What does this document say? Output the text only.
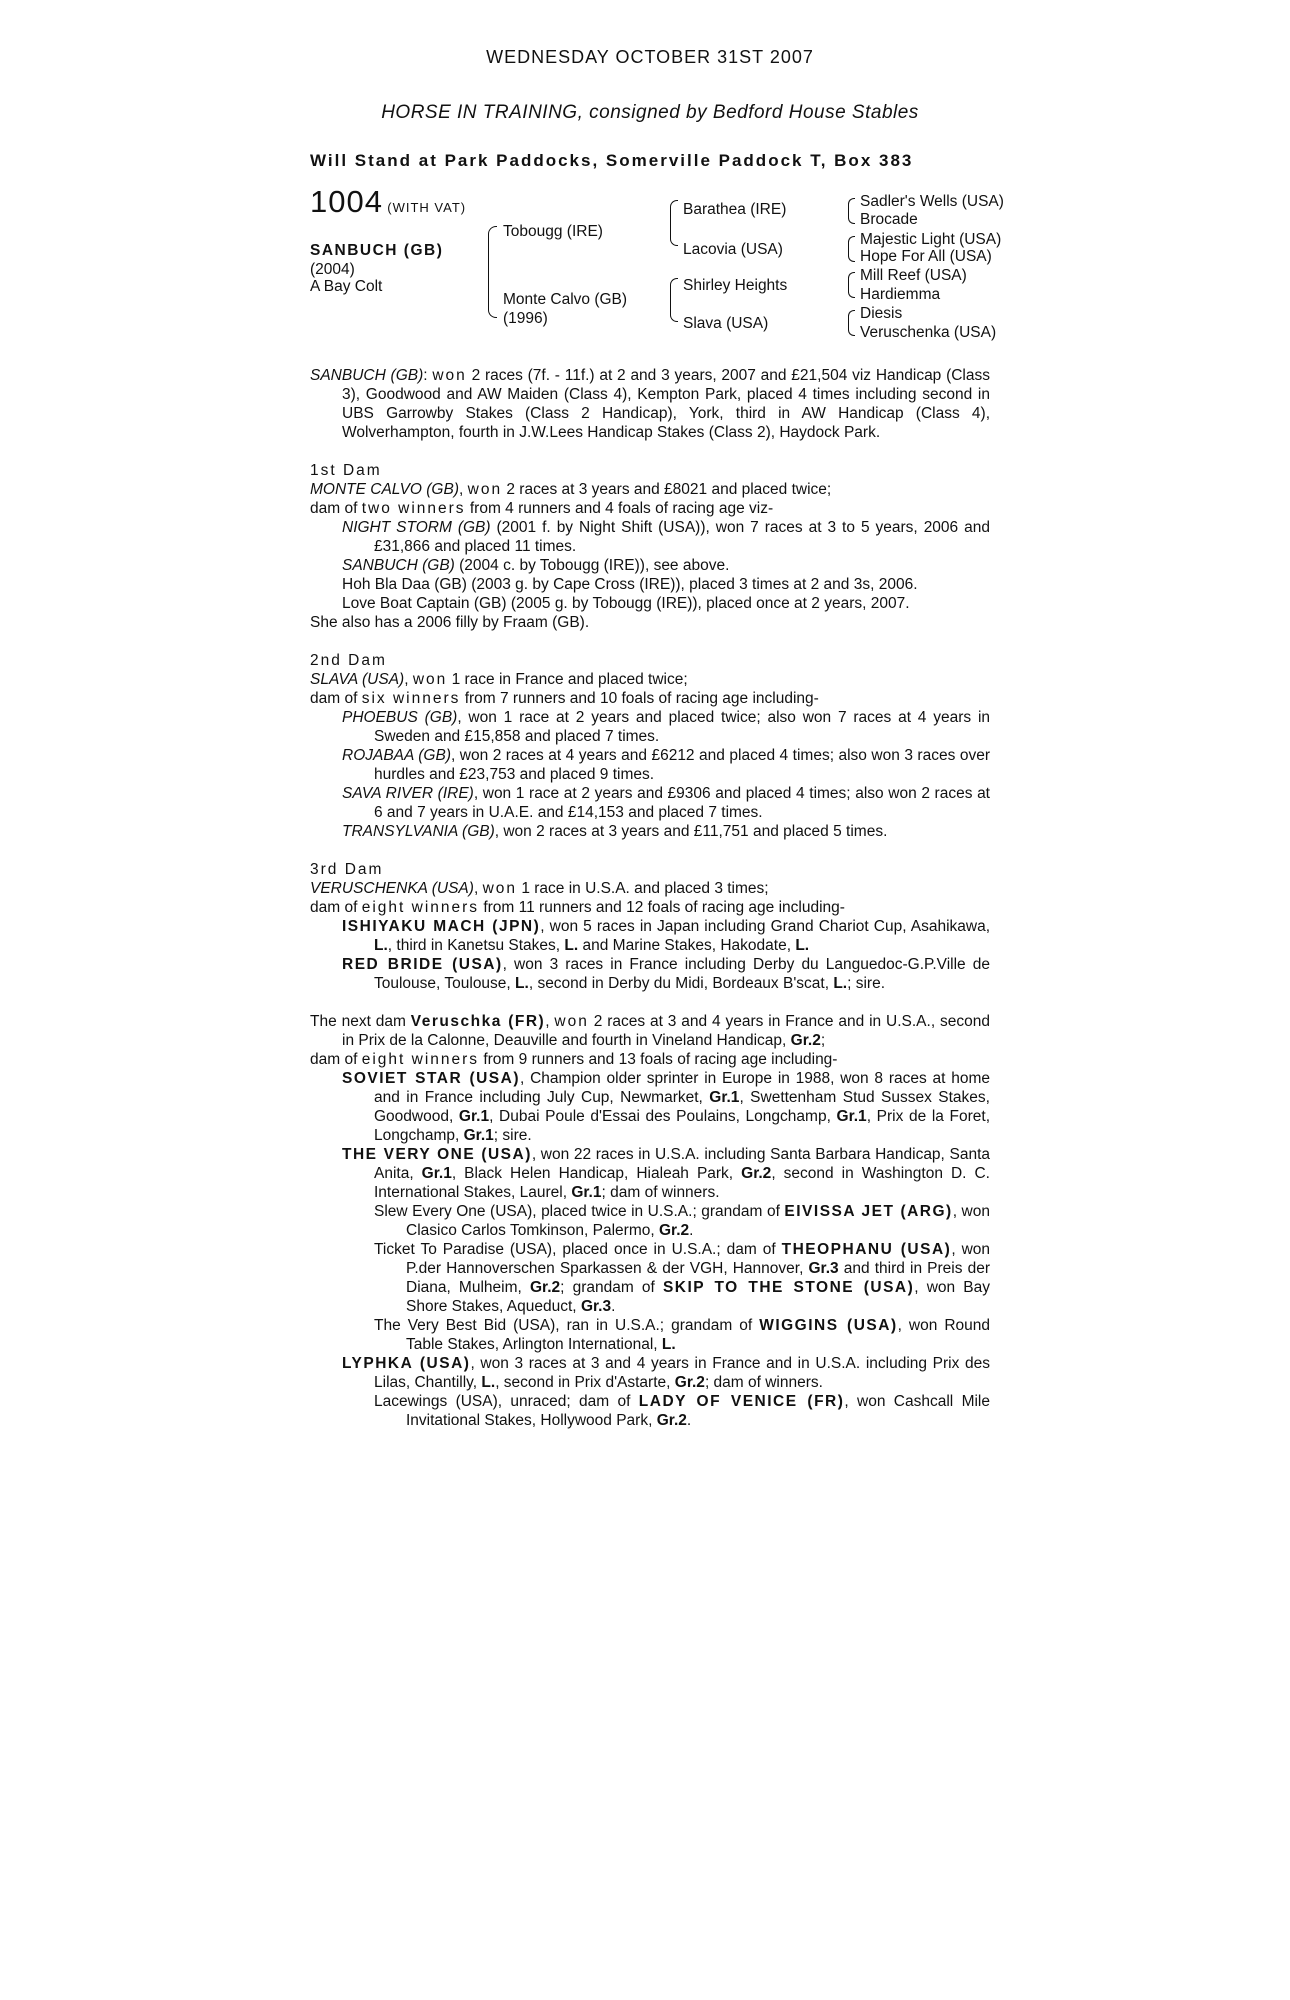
WEDNESDAY OCTOBER 31ST 2007
HORSE IN TRAINING, consigned by Bedford House Stables
Will Stand at Park Paddocks, Somerville Paddock T, Box 383
1004 (WITH VAT)
SANBUCH (GB)
(2004)
A Bay Colt
Tobougg (IRE)
Monte Calvo (GB)
(1996)
Barathea (IRE)
Lacovia (USA)
Shirley Heights
Slava (USA)
Sadler's Wells (USA)
Brocade
Majestic Light (USA)
Hope For All (USA)
Mill Reef (USA)
Hardiemma
Diesis
Veruschenka (USA)

SANBUCH (GB): won 2 races (7f. - 11f.) at 2 and 3 years, 2007 and £21,504 viz Handicap (Class 3), Goodwood and AW Maiden (Class 4), Kempton Park, placed 4 times including second in UBS Garrowby Stakes (Class 2 Handicap), York, third in AW Handicap (Class 4), Wolverhampton, fourth in J.W.Lees Handicap Stakes (Class 2), Haydock Park.

1st Dam

MONTE CALVO (GB), won 2 races at 3 years and £8021 and placed twice;

dam of two winners from 4 runners and 4 foals of racing age viz-

NIGHT STORM (GB) (2001 f. by Night Shift (USA)), won 7 races at 3 to 5 years, 2006 and £31,866 and placed 11 times.

SANBUCH (GB) (2004 c. by Tobougg (IRE)), see above.

Hoh Bla Daa (GB) (2003 g. by Cape Cross (IRE)), placed 3 times at 2 and 3s, 2006.

Love Boat Captain (GB) (2005 g. by Tobougg (IRE)), placed once at 2 years, 2007.

She also has a 2006 filly by Fraam (GB).

2nd Dam

SLAVA (USA), won 1 race in France and placed twice;

dam of six winners from 7 runners and 10 foals of racing age including-

PHOEBUS (GB), won 1 race at 2 years and placed twice; also won 7 races at 4 years in Sweden and £15,858 and placed 7 times.

ROJABAA (GB), won 2 races at 4 years and £6212 and placed 4 times; also won 3 races over hurdles and £23,753 and placed 9 times.

SAVA RIVER (IRE), won 1 race at 2 years and £9306 and placed 4 times; also won 2 races at 6 and 7 years in U.A.E. and £14,153 and placed 7 times.

TRANSYLVANIA (GB), won 2 races at 3 years and £11,751 and placed 5 times.

3rd Dam

VERUSCHENKA (USA), won 1 race in U.S.A. and placed 3 times;

dam of eight winners from 11 runners and 12 foals of racing age including-

ISHIYAKU MACH (JPN), won 5 races in Japan including Grand Chariot Cup, Asahikawa, L., third in Kanetsu Stakes, L. and Marine Stakes, Hakodate, L.

RED BRIDE (USA), won 3 races in France including Derby du Languedoc-G.P.Ville de Toulouse, Toulouse, L., second in Derby du Midi, Bordeaux B'scat, L.; sire.

The next dam Veruschka (FR), won 2 races at 3 and 4 years in France and in U.S.A., second in Prix de la Calonne, Deauville and fourth in Vineland Handicap, Gr.2;

dam of eight winners from 9 runners and 13 foals of racing age including-

SOVIET STAR (USA), Champion older sprinter in Europe in 1988, won 8 races at home and in France including July Cup, Newmarket, Gr.1, Swettenham Stud Sussex Stakes, Goodwood, Gr.1, Dubai Poule d'Essai des Poulains, Longchamp, Gr.1, Prix de la Foret, Longchamp, Gr.1; sire.

THE VERY ONE (USA), won 22 races in U.S.A. including Santa Barbara Handicap, Santa Anita, Gr.1, Black Helen Handicap, Hialeah Park, Gr.2, second in Washington D. C. International Stakes, Laurel, Gr.1; dam of winners.

Slew Every One (USA), placed twice in U.S.A.; grandam of EIVISSA JET (ARG), won Clasico Carlos Tomkinson, Palermo, Gr.2.

Ticket To Paradise (USA), placed once in U.S.A.; dam of THEOPHANU (USA), won P.der Hannoverschen Sparkassen & der VGH, Hannover, Gr.3 and third in Preis der Diana, Mulheim, Gr.2; grandam of SKIP TO THE STONE (USA), won Bay Shore Stakes, Aqueduct, Gr.3.

The Very Best Bid (USA), ran in U.S.A.; grandam of WIGGINS (USA), won Round Table Stakes, Arlington International, L.

LYPHKA (USA), won 3 races at 3 and 4 years in France and in U.S.A. including Prix des Lilas, Chantilly, L., second in Prix d'Astarte, Gr.2; dam of winners.

Lacewings (USA), unraced; dam of LADY OF VENICE (FR), won Cashcall Mile Invitational Stakes, Hollywood Park, Gr.2.
